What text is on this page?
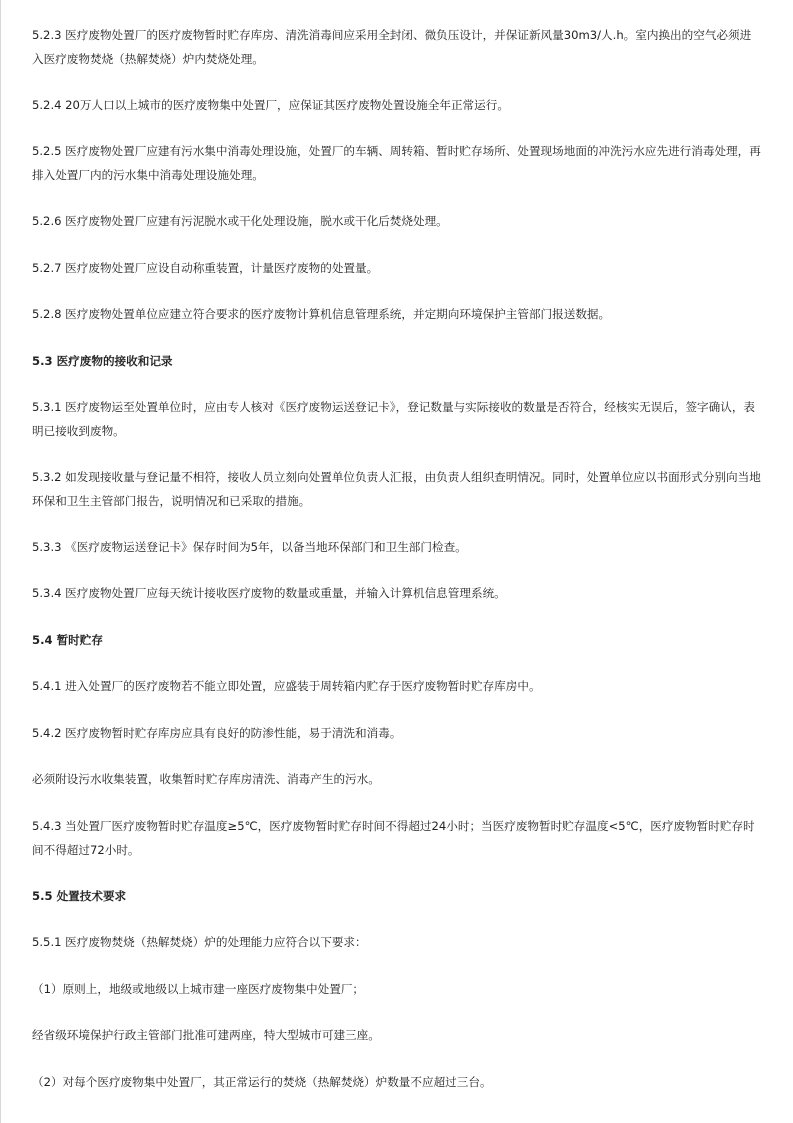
5.2.3 医疗废物处置厂的医疗废物暂时贮存库房、清洗消毒间应采用全封闭、微负压设计，并保证新风量30m3/人.h。室内换出的空气必须进入医疗废物焚烧（热解焚烧）炉内焚烧处理。
5.2.4 20万人口以上城市的医疗废物集中处置厂，应保证其医疗废物处置设施全年正常运行。
5.2.5 医疗废物处置厂应建有污水集中消毒处理设施，处置厂的车辆、周转箱、暂时贮存场所、处置现场地面的冲洗污水应先进行消毒处理，再排入处置厂内的污水集中消毒处理设施处理。
5.2.6 医疗废物处置厂应建有污泥脱水或干化处理设施，脱水或干化后焚烧处理。
5.2.7 医疗废物处置厂应设自动称重装置，计量医疗废物的处置量。
5.2.8 医疗废物处置单位应建立符合要求的医疗废物计算机信息管理系统，并定期向环境保护主管部门报送数据。
5.3 医疗废物的接收和记录
5.3.1 医疗废物运至处置单位时，应由专人核对《医疗废物运送登记卡》，登记数量与实际接收的数量是否符合，经核实无误后，签字确认，表明已接收到废物。
5.3.2 如发现接收量与登记量不相符，接收人员立刻向处置单位负责人汇报，由负责人组织查明情况。同时，处置单位应以书面形式分别向当地环保和卫生主管部门报告，说明情况和已采取的措施。
5.3.3 《医疗废物运送登记卡》保存时间为5年，以备当地环保部门和卫生部门检查。
5.3.4 医疗废物处置厂应每天统计接收医疗废物的数量或重量，并输入计算机信息管理系统。
5.4 暂时贮存
5.4.1 进入处置厂的医疗废物若不能立即处置，应盛装于周转箱内贮存于医疗废物暂时贮存库房中。
5.4.2 医疗废物暂时贮存库房应具有良好的防渗性能，易于清洗和消毒。
必须附设污水收集装置，收集暂时贮存库房清洗、消毒产生的污水。
5.4.3 当处置厂医疗废物暂时贮存温度≥5℃，医疗废物暂时贮存时间不得超过24小时；当医疗废物暂时贮存温度<5℃，医疗废物暂时贮存时间不得超过72小时。
5.5 处置技术要求
5.5.1 医疗废物焚烧（热解焚烧）炉的处理能力应符合以下要求：
（1）原则上，地级或地级以上城市建一座医疗废物集中处置厂；
经省级环境保护行政主管部门批准可建两座，特大型城市可建三座。
（2）对每个医疗废物集中处置厂，其正常运行的焚烧（热解焚烧）炉数量不应超过三台。
